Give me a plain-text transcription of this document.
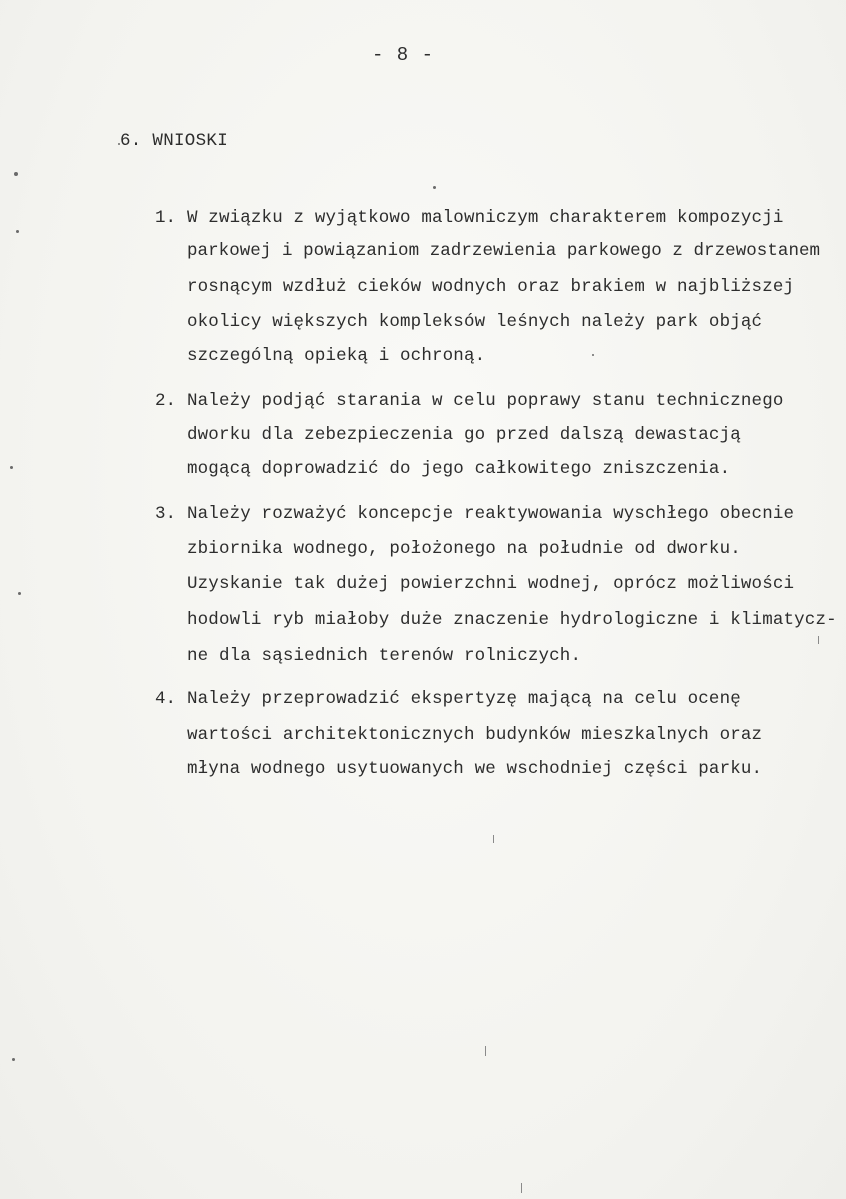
- 8 -
6. WNIOSKI
1. W związku z wyjątkowo malowniczym charakterem kompozycji
parkowej i powiązaniom zadrzewienia parkowego z drzewostanem
rosnącym wzdłuż cieków wodnych oraz brakiem w najbliższej
okolicy większych kompleksów leśnych należy park objąć
szczególną opieką i ochroną.
2. Należy podjąć starania w celu poprawy stanu technicznego
dworku dla zebezpieczenia go przed dalszą dewastacją
mogącą doprowadzić do jego całkowitego zniszczenia.
3. Należy rozważyć koncepcje reaktywowania wyschłego obecnie
zbiornika wodnego, położonego na południe od dworku.
Uzyskanie tak dużej powierzchni wodnej, oprócz możliwości
hodowli ryb miałoby duże znaczenie hydrologiczne i klimatycz-
ne dla sąsiednich terenów rolniczych.
4. Należy przeprowadzić ekspertyzę mającą na celu ocenę
wartości architektonicznych budynków mieszkalnych oraz
młyna wodnego usytuowanych we wschodniej części parku.
